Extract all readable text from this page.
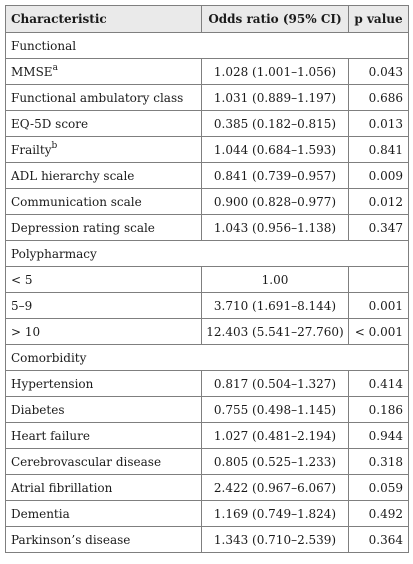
Characteristic	Odds ratio (95% CI)	p value
Functional		
MMSE$^a$	1.028 (1.001–1.056)	0.043
Functional ambulatory class	1.031 (0.889–1.197)	0.686
EQ-5D score	0.385 (0.182–0.815)	0.013
Frailty$^b$	1.044 (0.684–1.593)	0.841
ADL hierarchy scale	0.841 (0.739–0.957)	0.009
Communication scale	0.900 (0.828–0.977)	0.012
Depression rating scale	1.043 (0.956–1.138)	0.347
Polypharmacy		
< 5	1.00	
5–9	3.710 (1.691–8.144)	0.001
> 10	12.403 (5.541–27.760)	< 0.001
Comorbidity		
Hypertension	0.817 (0.504–1.327)	0.414
Diabetes	0.755 (0.498–1.145)	0.186
Heart failure	1.027 (0.481–2.194)	0.944
Cerebrovascular disease	0.805 (0.525–1.233)	0.318
Atrial fibrillation	2.422 (0.967–6.067)	0.059
Dementia	1.169 (0.749–1.824)	0.492
Parkinson’s disease	1.343 (0.710–2.539)	0.364
